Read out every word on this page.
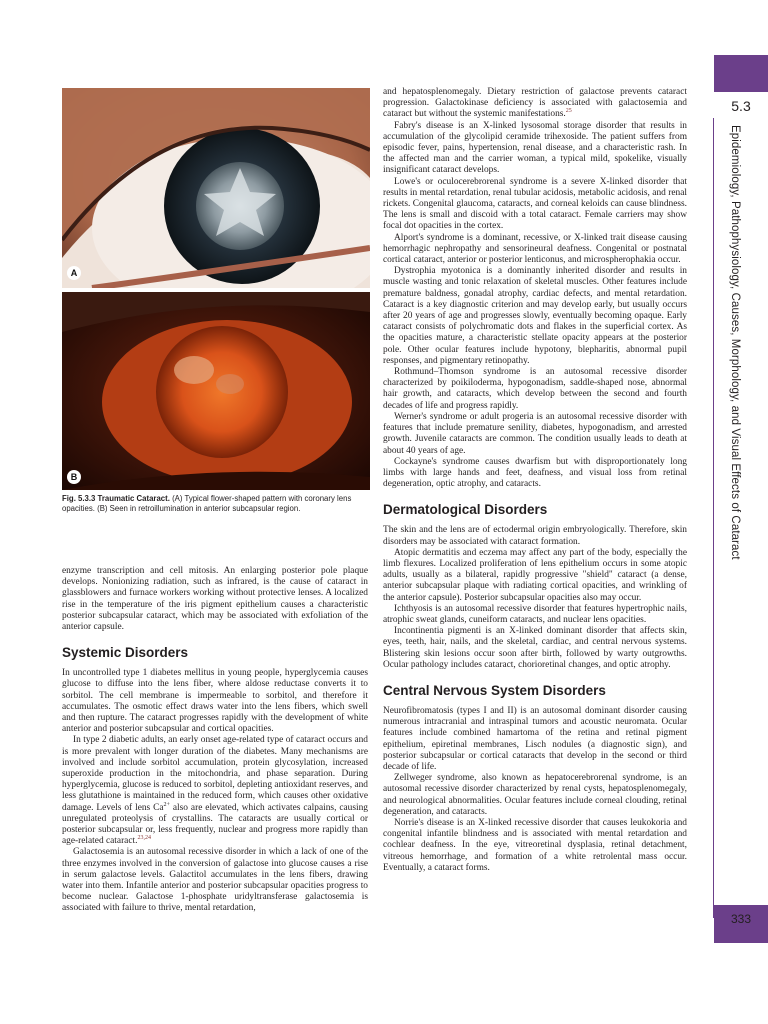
A
B
Fig. 5.3.3 Traumatic Cataract. (A) Typical flower-shaped pattern with coronary lens opacities. (B) Seen in retroillumination in anterior subcapsular region.

enzyme transcription and cell mitosis. An enlarging posterior pole plaque develops. Nonionizing radiation, such as infrared, is the cause of cataract in glassblowers and furnace workers working without protective lenses. A localized rise in the temperature of the iris pigment epithelium causes a characteristic posterior subcapsular cataract, which may be associated with exfoliation of the anterior capsule.

Systemic Disorders

In uncontrolled type 1 diabetes mellitus in young people, hyperglycemia causes glucose to diffuse into the lens fiber, where aldose reductase converts it to sorbitol. The cell membrane is impermeable to sorbitol, and therefore it accumulates. The osmotic effect draws water into the lens fibers, which swell and then rupture. The cataract progresses rapidly with the development of white anterior and posterior subcapsular and cortical opacities.

In type 2 diabetic adults, an early onset age-related type of cataract occurs and is more prevalent with longer duration of the diabetes. Many mechanisms are involved and include sorbitol accumulation, protein glycosylation, increased superoxide production in the mitochondria, and phase separation. During hyperglycemia, glucose is reduced to sorbitol, depleting antioxidant reserves, and less glutathione is maintained in the reduced form, which causes other oxidative damage. Levels of lens $Ca^{2+}$ also are elevated, which activates calpains, causing unregulated proteolysis of crystallins. The cataracts are usually cortical or posterior subcapsular or, less frequently, nuclear and progress more rapidly than age-related cataract.$^{23,24}$

Galactosemia is an autosomal recessive disorder in which a lack of one of the three enzymes involved in the conversion of galactose into glucose causes a rise in serum galactose levels. Galactitol accumulates in the lens fibers, drawing water into them. Infantile anterior and posterior subcapsular opacities progress to become nuclear. Galactose 1-phosphate uridyltransferase galactosemia is associated with failure to thrive, mental retardation,

and hepatosplenomegaly. Dietary restriction of galactose prevents cataract progression. Galactokinase deficiency is associated with galactosemia and cataract but without the systemic manifestations.$^{25}$

Fabry's disease is an X-linked lysosomal storage disorder that results in accumulation of the glycolipid ceramide trihexoside. The patient suffers from episodic fever, pains, hypertension, renal disease, and a characteristic rash. In the affected man and the carrier woman, a typical mild, spokelike, visually insignificant cataract develops.

Lowe's or oculocerebrorenal syndrome is a severe X-linked disorder that results in mental retardation, renal tubular acidosis, metabolic acidosis, and renal rickets. Congenital glaucoma, cataracts, and corneal keloids can cause blindness. The lens is small and discoid with a total cataract. Female carriers may show focal dot opacities in the cortex.

Alport's syndrome is a dominant, recessive, or X-linked trait disease causing hemorrhagic nephropathy and sensorineural deafness. Congenital or postnatal cortical cataract, anterior or posterior lenticonus, and microspherophakia occur.

Dystrophia myotonica is a dominantly inherited disorder and results in muscle wasting and tonic relaxation of skeletal muscles. Other features include premature baldness, gonadal atrophy, cardiac defects, and mental retardation. Cataract is a key diagnostic criterion and may develop early, but usually occurs after 20 years of age and progresses slowly, eventually becoming opaque. Early cataract consists of polychromatic dots and flakes in the superficial cortex. As the opacities mature, a characteristic stellate opacity appears at the posterior pole. Other ocular features include hypotony, blepharitis, abnormal pupil responses, and pigmentary retinopathy.

Rothmund–Thomson syndrome is an autosomal recessive disorder characterized by poikiloderma, hypogonadism, saddle-shaped nose, abnormal hair growth, and cataracts, which develop between the second and fourth decades of life and progress rapidly.

Werner's syndrome or adult progeria is an autosomal recessive disorder with features that include premature senility, diabetes, hypogonadism, and arrested growth. Juvenile cataracts are common. The condition usually leads to death at about 40 years of age.

Cockayne's syndrome causes dwarfism but with disproportionately long limbs with large hands and feet, deafness, and visual loss from retinal degeneration, optic atrophy, and cataracts.

Dermatological Disorders

The skin and the lens are of ectodermal origin embryologically. Therefore, skin disorders may be associated with cataract formation.

Atopic dermatitis and eczema may affect any part of the body, especially the limb flexures. Localized proliferation of lens epithelium occurs in some atopic adults, usually as a bilateral, rapidly progressive "shield" cataract (a dense, anterior subcapsular plaque with radiating cortical opacities, and wrinkling of the anterior capsule). Posterior subcapsular opacities also may occur.

Ichthyosis is an autosomal recessive disorder that features hypertrophic nails, atrophic sweat glands, cuneiform cataracts, and nuclear lens opacities.

Incontinentia pigmenti is an X-linked dominant disorder that affects skin, eyes, teeth, hair, nails, and the skeletal, cardiac, and central nervous systems. Blistering skin lesions occur soon after birth, followed by warty outgrowths. Ocular pathology includes cataract, chorioretinal changes, and optic atrophy.

Central Nervous System Disorders

Neurofibromatosis (types I and II) is an autosomal dominant disorder causing numerous intracranial and intraspinal tumors and acoustic neuromata. Ocular features include combined hamartoma of the retina and retinal pigment epithelium, epiretinal membranes, Lisch nodules (a diagnostic sign), and posterior subcapsular or cortical cataracts that develop in the second or third decade of life.

Zellweger syndrome, also known as hepatocerebrorenal syndrome, is an autosomal recessive disorder characterized by renal cysts, hepatosplenomegaly, and neurological abnormalities. Ocular features include corneal clouding, retinal degeneration, and cataracts.

Norrie's disease is an X-linked recessive disorder that causes leukokoria and congenital infantile blindness and is associated with mental retardation and cochlear deafness. In the eye, vitreoretinal dysplasia, retinal detachment, vitreous hemorrhage, and formation of a white retrolental mass occur. Eventually, a cataract forms.

5.3
Epidemiology, Pathophysiology, Causes, Morphology, and Visual Effects of Cataract
333
